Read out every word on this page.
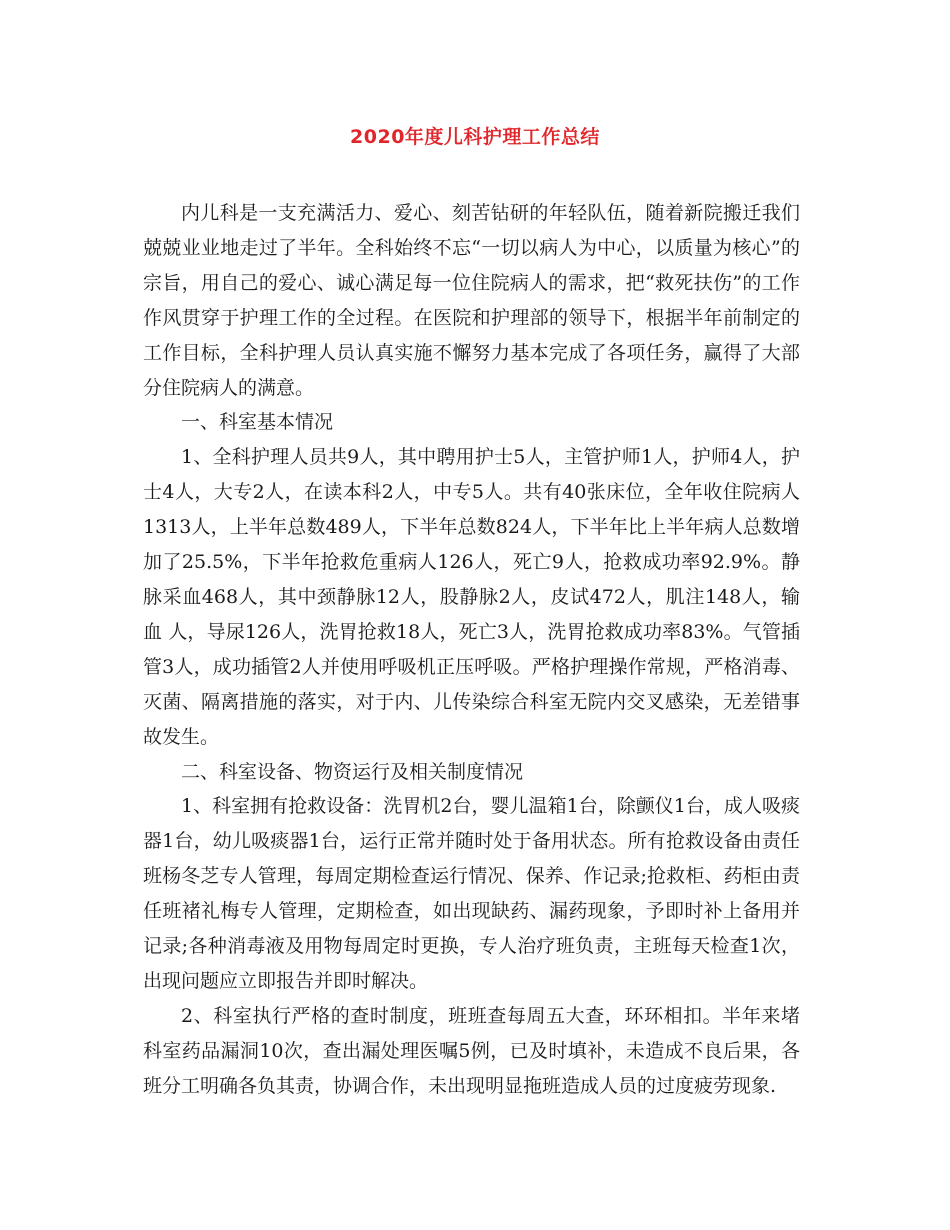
2020年度儿科护理工作总结

内儿科是一支充满活力、爱心、刻苦钻研的年轻队伍，随着新院搬迁我们兢兢业业地走过了半年。全科始终不忘“一切以病人为中心，以质量为核心”的宗旨，用自己的爱心、诚心满足每一位住院病人的需求，把“救死扶伤”的工作作风贯穿于护理工作的全过程。在医院和护理部的领导下，根据半年前制定的工作目标，全科护理人员认真实施不懈努力基本完成了各项任务，赢得了大部分住院病人的满意。

一、科室基本情况

1、全科护理人员共9人，其中聘用护士5人，主管护师1人，护师4人，护士4人，大专2人，在读本科2人，中专5人。共有40张床位，全年收住院病人1313人，上半年总数489人，下半年总数824人，下半年比上半年病人总数增加了25.5%，下半年抢救危重病人126人，死亡9人，抢救成功率92.9%。静脉采血468人，其中颈静脉12人，股静脉2人，皮试472人，肌注148人，输血 人，导尿126人，洗胃抢救18人，死亡3人，洗胃抢救成功率83%。气管插管3人，成功插管2人并使用呼吸机正压呼吸。严格护理操作常规，严格消毒、灭菌、隔离措施的落实，对于内、儿传染综合科室无院内交叉感染，无差错事故发生。

二、科室设备、物资运行及相关制度情况

1、科室拥有抢救设备：洗胃机2台，婴儿温箱1台，除颤仪1台，成人吸痰器1台，幼儿吸痰器1台，运行正常并随时处于备用状态。所有抢救设备由责任班杨冬芝专人管理，每周定期检查运行情况、保养、作记录;抢救柜、药柜由责任班褚礼梅专人管理，定期检查，如出现缺药、漏药现象，予即时补上备用并记录;各种消毒液及用物每周定时更换，专人治疗班负责，主班每天检查1次，出现问题应立即报告并即时解决。

2、科室执行严格的查时制度，班班查每周五大查，环环相扣。半年来堵科室药品漏洞10次，查出漏处理医嘱5例，已及时填补，未造成不良后果，各班分工明确各负其责，协调合作，未出现明显拖班造成人员的过度疲劳现象.
